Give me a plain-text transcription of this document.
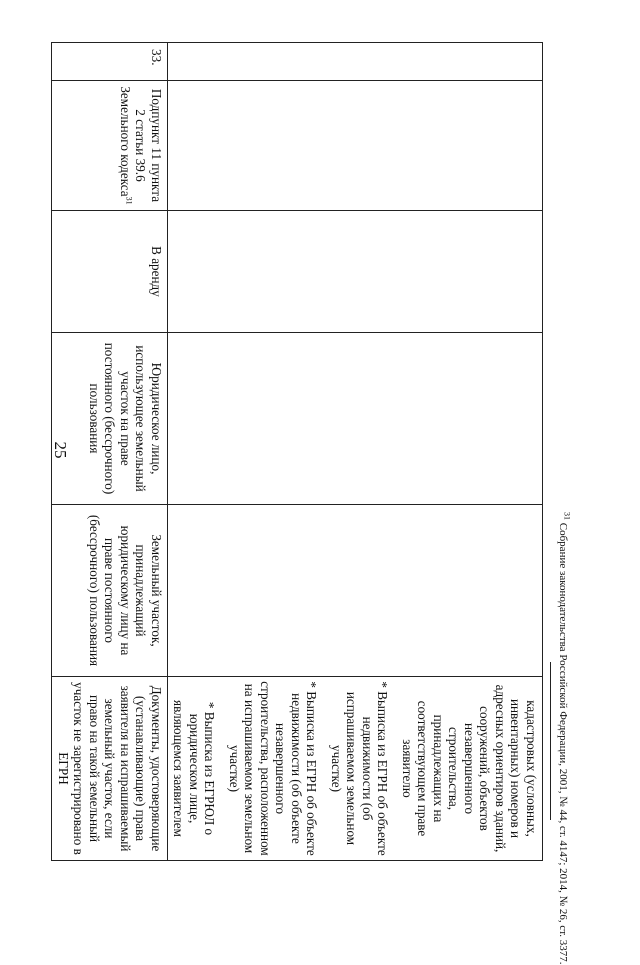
25

					кадастровых (условных, инвентарных) номеров и адресных ориентиров зданий, сооружений, объектов незавершенного строительства, принадлежащих на соответствующем праве заявителю

* Выписка из ЕГРН об объекте недвижимости (об испрашиваемом земельном участке)

* Выписка из ЕГРН об объекте недвижимости (об объекте незавершенного строительства, расположенном на испрашиваемом земельном участке)

* Выписка из ЕГРЮЛ о юридическом лице, являющемся заявителем

33.	Подпункт 11 пункта 2 статьи 39.6 Земельного кодекса$^{31}$	В аренду	Юридическое лицо, использующее земельный участок на праве постоянного (бессрочного) пользования	Земельный участок, принадлежащий юридическому лицу на праве постоянного (бессрочного) пользования	Документы, удостоверяющие (устанавливающие) права заявителя на испрашиваемый земельный участок, если право на такой земельный участок не зарегистрировано в ЕГРН
$^{31}$ Собрание законодательства Российской Федерации, 2001, № 44, ст. 4147; 2014, № 26, ст. 3377.
